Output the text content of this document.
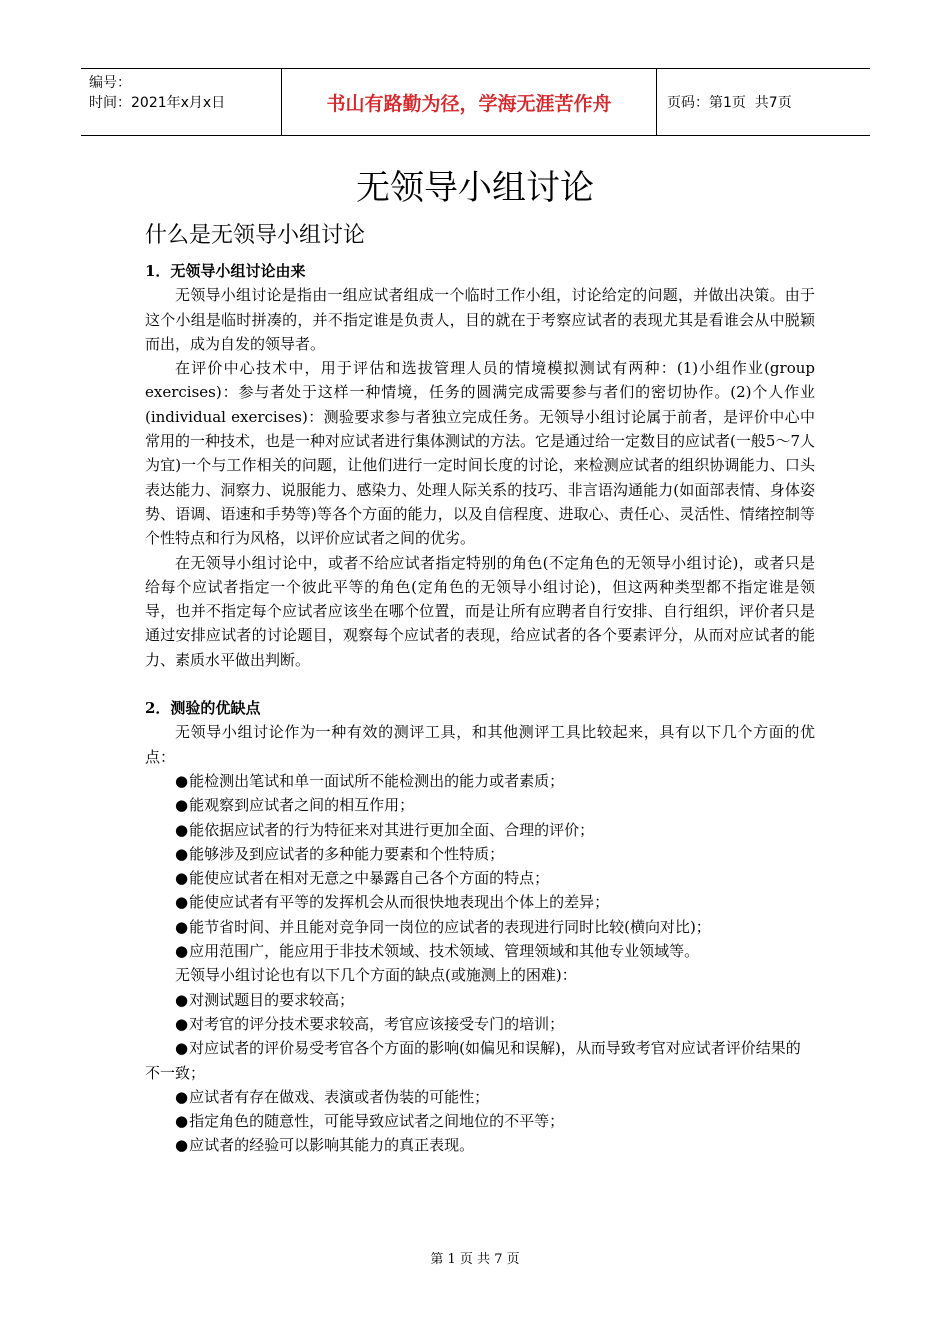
编号：
时间：2021年x月x日	书山有路勤为径，学海无涯苦作舟	页码：第1页  共7页
无领导小组讨论
什么是无领导小组讨论

1．无领导小组讨论由来

无领导小组讨论是指由一组应试者组成一个临时工作小组，讨论给定的问题，并做出决策。由于这个小组是临时拼凑的，并不指定谁是负责人，目的就在于考察应试者的表现尤其是看谁会从中脱颖而出，成为自发的领导者。

在评价中心技术中，用于评估和选拔管理人员的情境模拟测试有两种：(1)小组作业(group exercises)：参与者处于这样一种情境，任务的圆满完成需要参与者们的密切协作。(2)个人作业(individual exercises)：测验要求参与者独立完成任务。无领导小组讨论属于前者，是评价中心中常用的一种技术，也是一种对应试者进行集体测试的方法。它是通过给一定数目的应试者(一般5～7人为宜)一个与工作相关的问题，让他们进行一定时间长度的讨论，来检测应试者的组织协调能力、口头表达能力、洞察力、说服能力、感染力、处理人际关系的技巧、非言语沟通能力(如面部表情、身体姿势、语调、语速和手势等)等各个方面的能力，以及自信程度、进取心、责任心、灵活性、情绪控制等个性特点和行为风格，以评价应试者之间的优劣。

在无领导小组讨论中，或者不给应试者指定特别的角色(不定角色的无领导小组讨论)，或者只是给每个应试者指定一个彼此平等的角色(定角色的无领导小组讨论)，但这两种类型都不指定谁是领导，也并不指定每个应试者应该坐在哪个位置，而是让所有应聘者自行安排、自行组织，评价者只是通过安排应试者的讨论题目，观察每个应试者的表现，给应试者的各个要素评分，从而对应试者的能力、素质水平做出判断。

2．测验的优缺点

无领导小组讨论作为一种有效的测评工具，和其他测评工具比较起来，具有以下几个方面的优点：

●能检测出笔试和单一面试所不能检测出的能力或者素质；
●能观察到应试者之间的相互作用；
●能依据应试者的行为特征来对其进行更加全面、合理的评价；
●能够涉及到应试者的多种能力要素和个性特质；
●能使应试者在相对无意之中暴露自己各个方面的特点；
●能使应试者有平等的发挥机会从而很快地表现出个体上的差异；
●能节省时间、并且能对竞争同一岗位的应试者的表现进行同时比较(横向对比)；
●应用范围广，能应用于非技术领域、技术领域、管理领域和其他专业领域等。

无领导小组讨论也有以下几个方面的缺点(或施测上的困难)：

●对测试题目的要求较高；
●对考官的评分技术要求较高，考官应该接受专门的培训；
●对应试者的评价易受考官各个方面的影响(如偏见和误解)，从而导致考官对应试者评价结果的不一致；
●应试者有存在做戏、表演或者伪装的可能性；
●指定角色的随意性，可能导致应试者之间地位的不平等；
●应试者的经验可以影响其能力的真正表现。
第 1 页 共 7 页
